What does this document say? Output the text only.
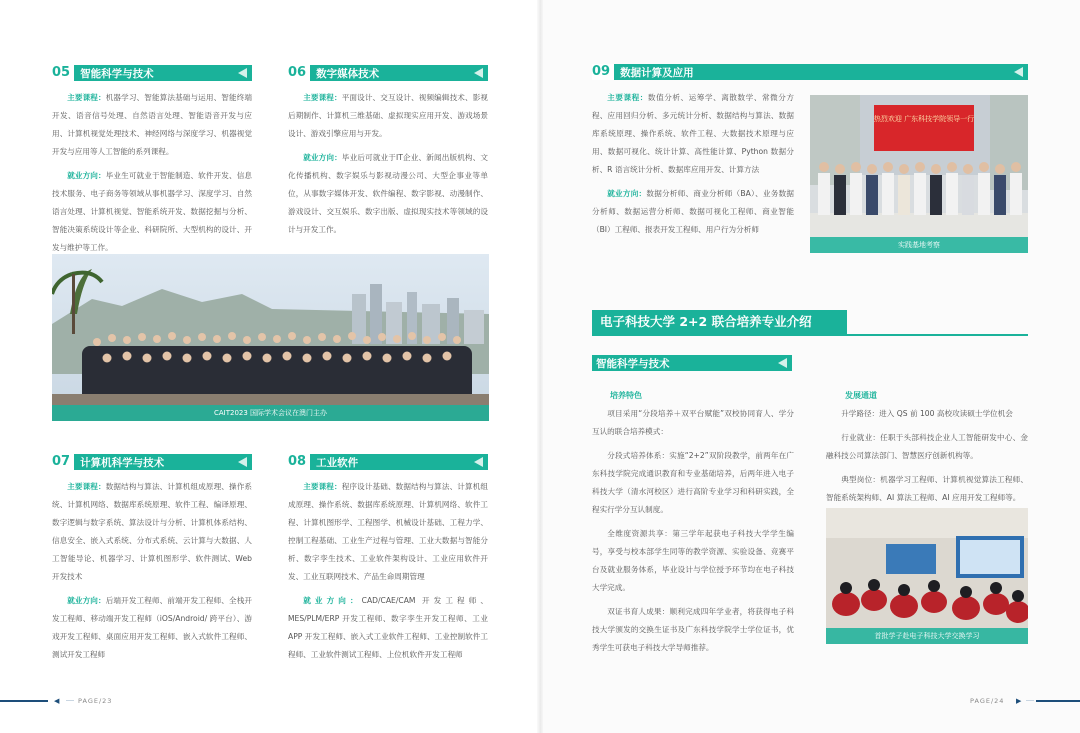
05 智能科学与技术

主要课程：机器学习、智能算法基础与运用、智能终端开发、语音信号处理、自然语言处理、智能语音开发与应用、计算机视觉处理技术、神经网络与深度学习、机器视觉开发与应用等人工智能的系列课程。

就业方向：毕业生可就业于智能制造、软件开发、信息技术服务、电子商务等领域从事机器学习、深度学习、自然语言处理、计算机视觉、智能系统开发、数据挖掘与分析、智能决策系统设计等企业、科研院所、大型机构的设计、开发与维护等工作。

06 数字媒体技术

主要课程：平面设计、交互设计、视频编辑技术、影视后期制作、计算机三维基础、虚拟现实应用开发、游戏场景设计、游戏引擎应用与开发。

就业方向：毕业后可就业于IT企业、新闻出版机构、文化传播机构、数字娱乐与影视动漫公司、大型企事业等单位，从事数字媒体开发、软件编程、数字影视、动漫制作、游戏设计、交互娱乐、数字出版、虚拟现实技术等领域的设计与开发工作。

CAIT2023 国际学术会议在澳门主办
07 计算机科学与技术

主要课程：数据结构与算法、计算机组成原理、操作系统、计算机网络、数据库系统原理、软件工程、编译原理、数字逻辑与数字系统、算法设计与分析、计算机体系结构、信息安全、嵌入式系统、分布式系统、云计算与大数据、人工智能导论、机器学习、计算机图形学、软件测试、Web 开发技术

就业方向：后端开发工程师、前端开发工程师、全栈开发工程师、移动端开发工程师（iOS/Android/ 跨平台）、游戏开发工程师、桌面应用开发工程师、嵌入式软件工程师、测试开发工程师

08 工业软件

主要课程：程序设计基础、数据结构与算法、计算机组成原理、操作系统、数据库系统原理、计算机网络、软件工程、计算机图形学、工程图学、机械设计基础、工程力学、控制工程基础、工业生产过程与管理、工业大数据与智能分析、数字孪生技术、工业软件架构设计、工业应用软件开发、工业互联网技术、产品生命周期管理

就业方向：CAD/CAE/CAM 开发工程师、MES/PLM/ERP 开发工程师、数字孪生开发工程师、工业 APP 开发工程师、嵌入式工业软件工程师、工业控制软件工程师、工业软件测试工程师、上位机软件开发工程师

◀	PAGE/23
09 数据计算及应用

主要课程：数值分析、运筹学、离散数学、常微分方程、应用回归分析、多元统计分析、数据结构与算法、数据库系统原理、操作系统、软件工程、大数据技术原理与应用、数据可视化、统计计算、高性能计算、Python 数据分析、R 语言统计分析、数据库应用开发、计算方法

就业方向：数据分析师、商业分析师（BA）、业务数据分析师、数据运营分析师、数据可视化工程师、商业智能（BI）工程师、报表开发工程师、用户行为分析师

热烈欢迎 广东科技学院领导一行
实践基地考察
电子科技大学 2+2 联合培养专业介绍
智能科学与技术
培养特色

项目采用“分段培养＋双平台赋能”双校协同育人、学分互认的联合培养模式：

分段式培养体系：实施“2+2”双阶段教学，前两年在广东科技学院完成通识教育和专业基础培养，后两年进入电子科技大学（清水河校区）进行高阶专业学习和科研实践，全程实行学分互认制度。

全维度资源共享：第三学年起获电子科技大学学生编号，享受与校本部学生同等的教学资源、实验设备、竞赛平台及就业服务体系，毕业设计与学位授予环节均在电子科技大学完成。

双证书育人成果：顺利完成四年学业者，将获得电子科技大学颁发的交换生证书及广东科技学院学士学位证书，优秀学生可获电子科技大学导师推荐。

发展通道

升学路径：进入 QS 前 100 高校攻读硕士学位机会

行业就业：任职于头部科技企业人工智能研发中心、金融科技公司算法部门、智慧医疗创新机构等。

典型岗位：机器学习工程师、计算机视觉算法工程师、智能系统架构师、AI 算法工程师、AI 应用开发工程师等。

首批学子赴电子科技大学交换学习
PAGE/24 ▶
